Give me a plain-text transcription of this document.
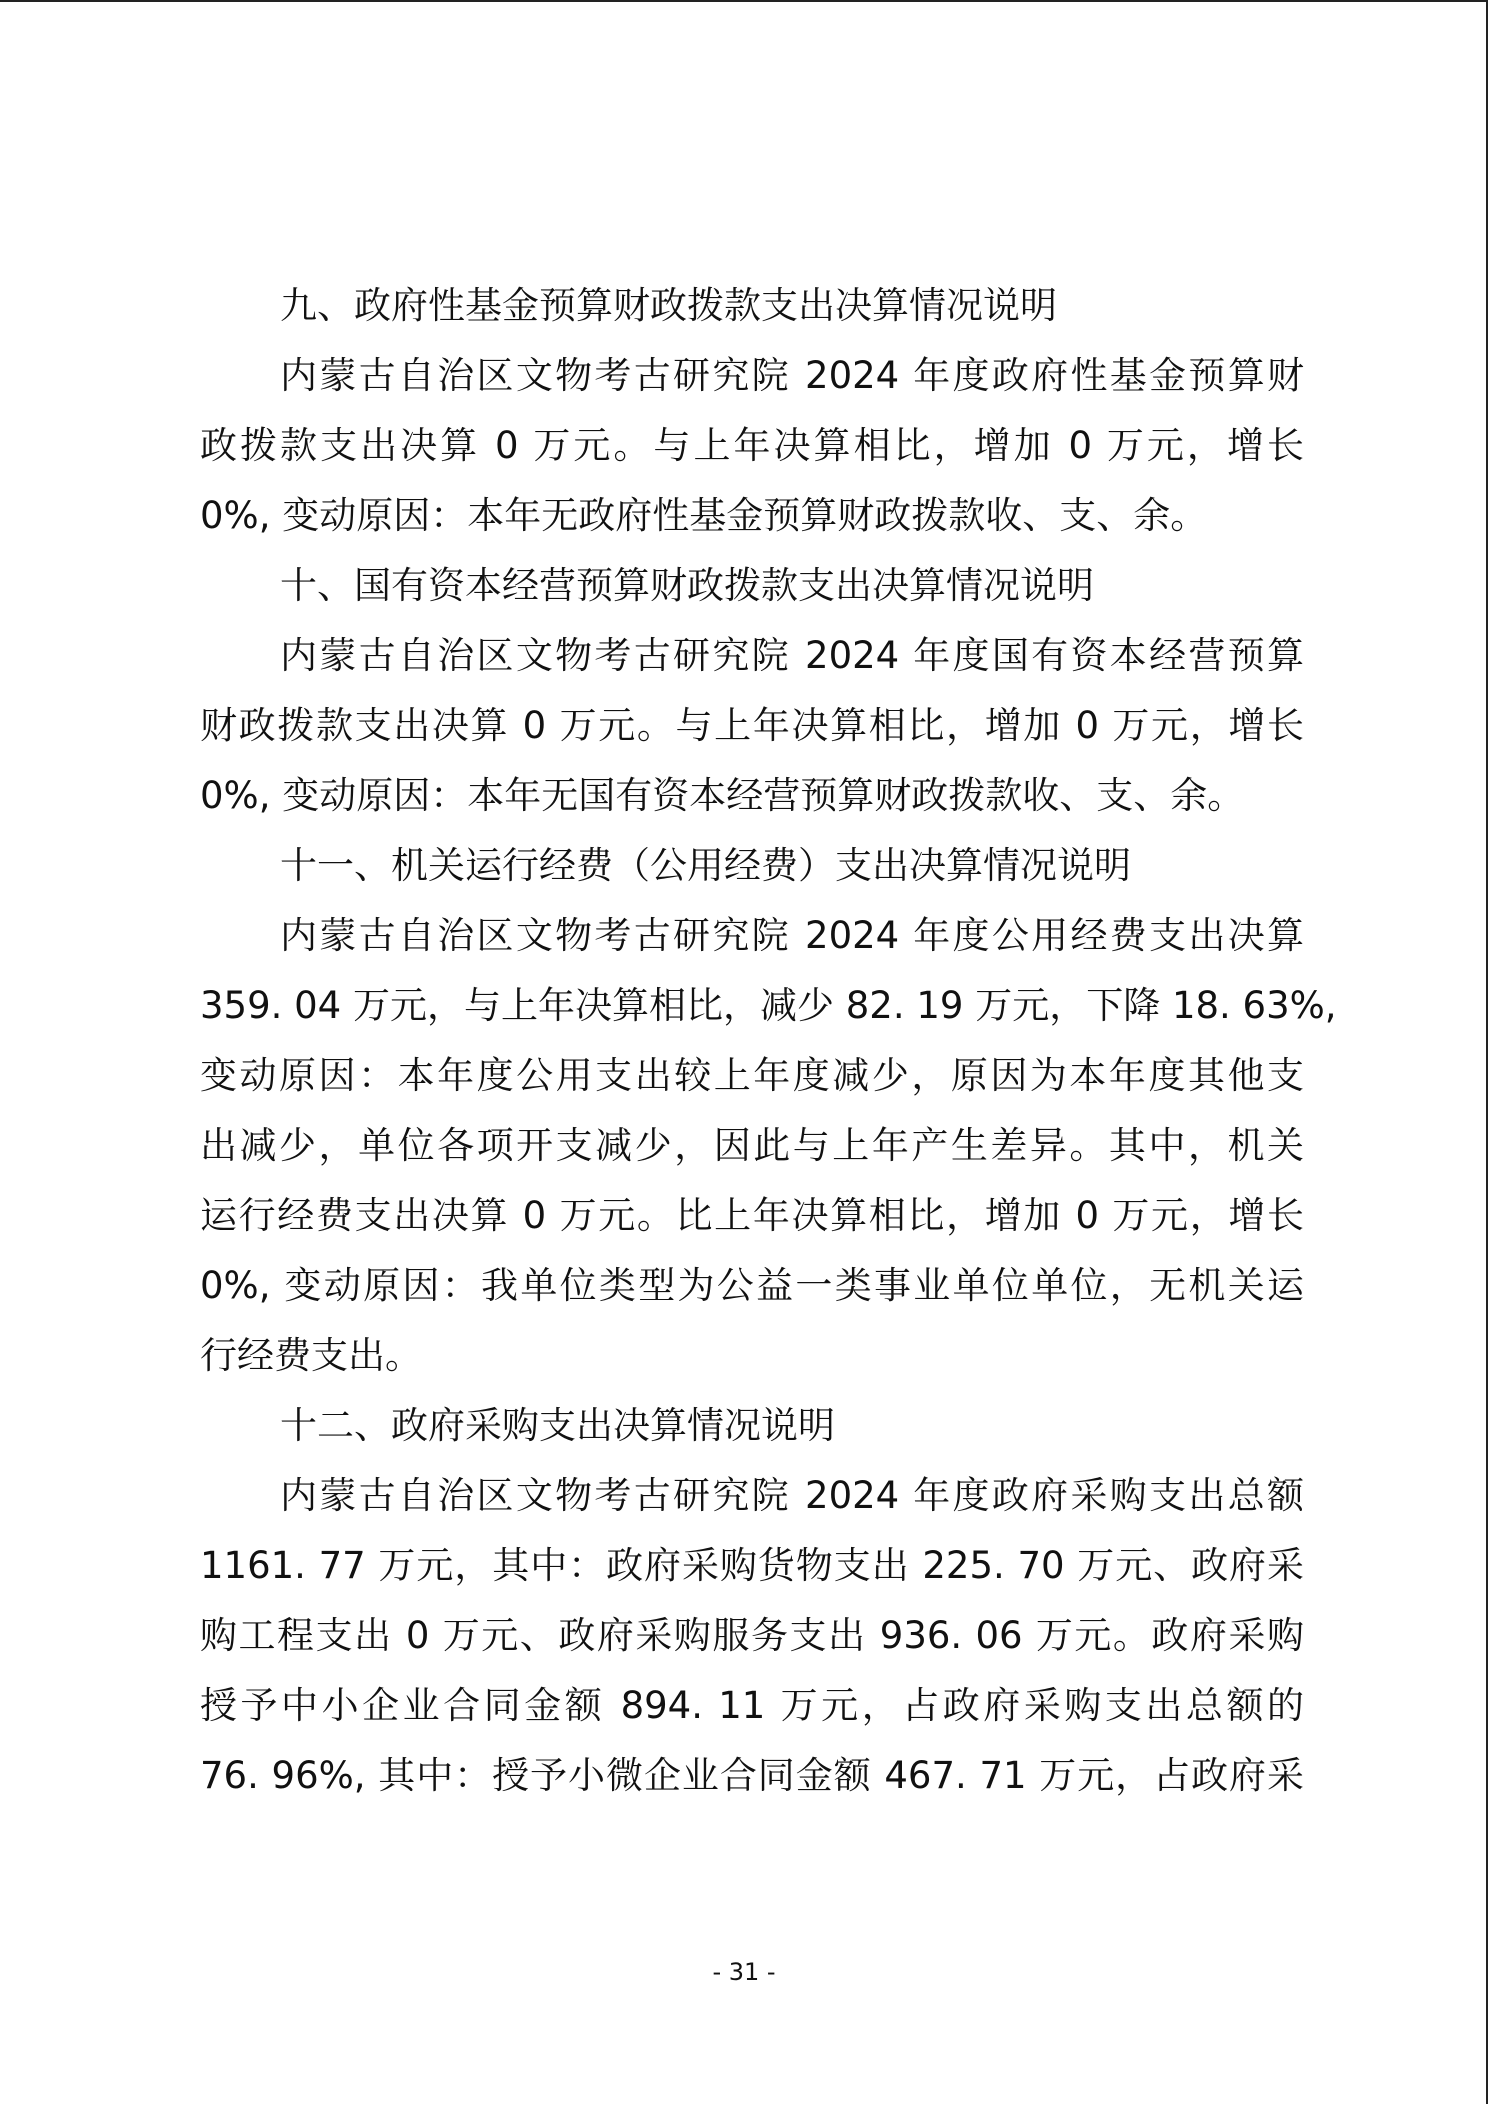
九、政府性基金预算财政拨款支出决算情况说明
内蒙古自治区文物考古研究院 2024 年度政府性基金预算财
政拨款支出决算 0 万元。与上年决算相比，增加 0 万元，增长
0%, 变动原因：本年无政府性基金预算财政拨款收、支、余。
十、国有资本经营预算财政拨款支出决算情况说明
内蒙古自治区文物考古研究院 2024 年度国有资本经营预算
财政拨款支出决算 0 万元。与上年决算相比，增加 0 万元，增长
0%, 变动原因：本年无国有资本经营预算财政拨款收、支、余。
十一、机关运行经费（公用经费）支出决算情况说明
内蒙古自治区文物考古研究院 2024 年度公用经费支出决算
359. 04 万元，与上年决算相比，减少 82. 19 万元，下降 18. 63%,
变动原因：本年度公用支出较上年度减少，原因为本年度其他支
出减少，单位各项开支减少，因此与上年产生差异。其中，机关
运行经费支出决算 0 万元。比上年决算相比，增加 0 万元，增长
0%, 变动原因：我单位类型为公益一类事业单位单位，无机关运
行经费支出。
十二、政府采购支出决算情况说明
内蒙古自治区文物考古研究院 2024 年度政府采购支出总额
1161. 77 万元，其中：政府采购货物支出 225. 70 万元、政府采
购工程支出 0 万元、政府采购服务支出 936. 06 万元。政府采购
授予中小企业合同金额 894. 11 万元，占政府采购支出总额的
76. 96%, 其中：授予小微企业合同金额 467. 71 万元，占政府采
- 31 -
